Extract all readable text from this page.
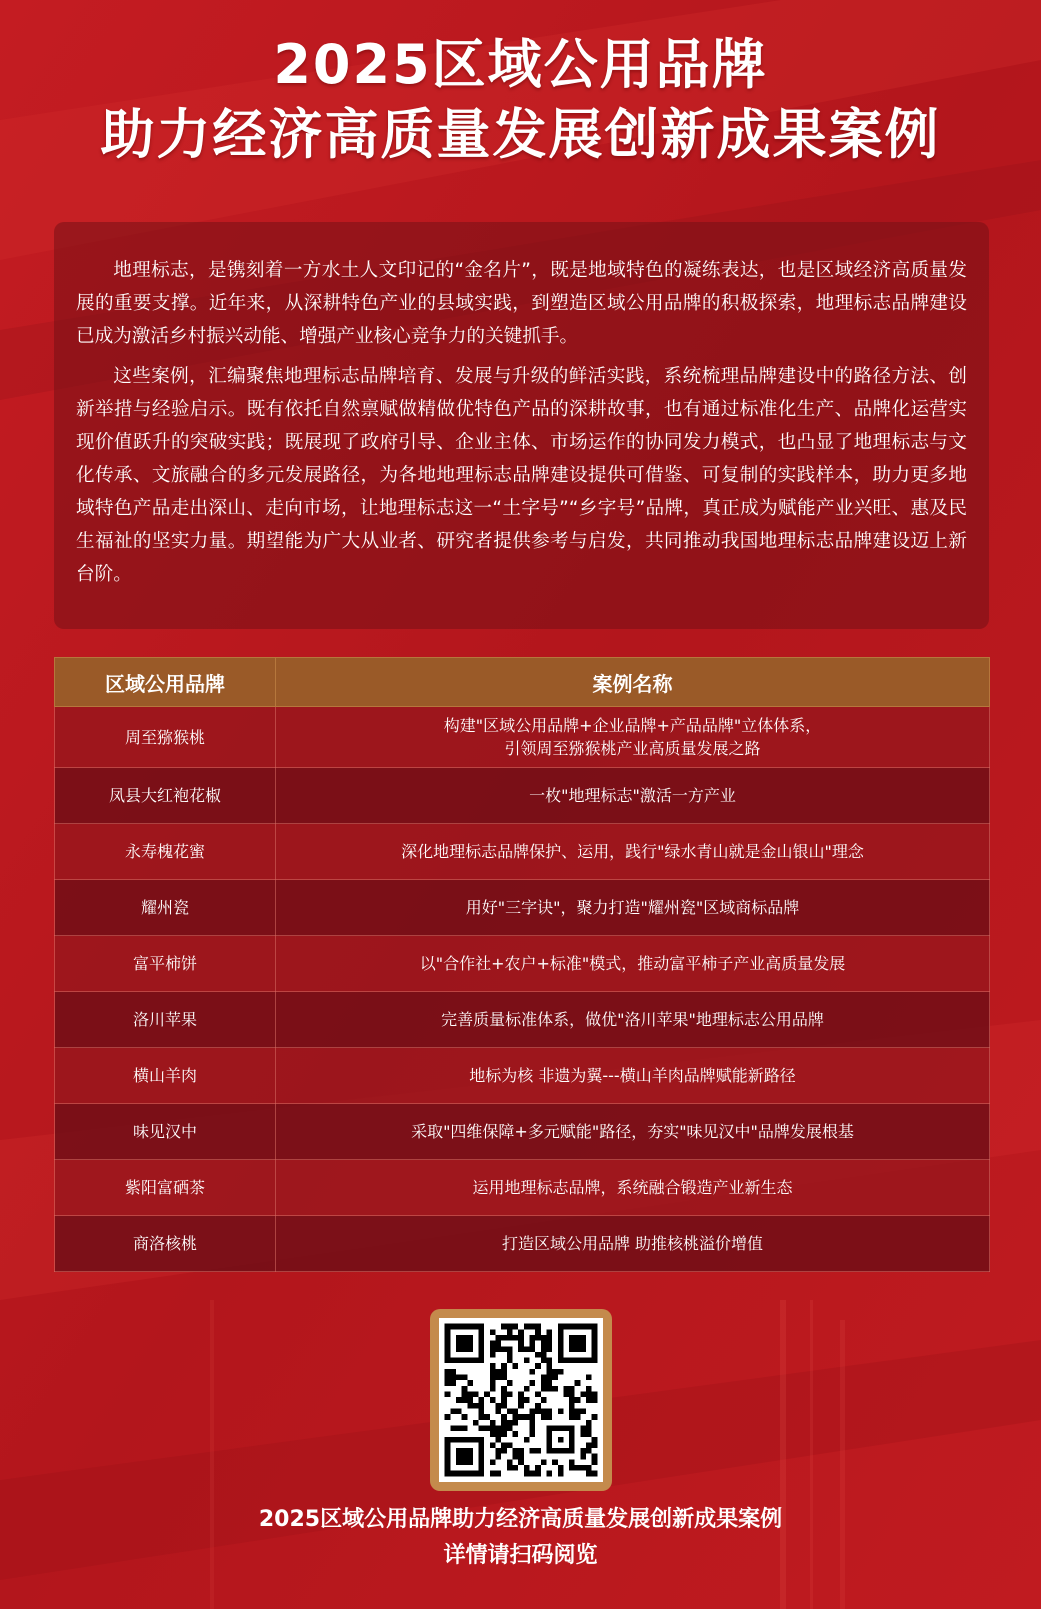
2025区域公用品牌
助力经济高质量发展创新成果案例

地理标志，是镌刻着一方水土人文印记的“金名片”，既是地域特色的凝练表达，也是区域经济高质量发展的重要支撑。近年来，从深耕特色产业的县域实践，到塑造区域公用品牌的积极探索，地理标志品牌建设已成为激活乡村振兴动能、增强产业核心竞争力的关键抓手。

这些案例，汇编聚焦地理标志品牌培育、发展与升级的鲜活实践，系统梳理品牌建设中的路径方法、创新举措与经验启示。既有依托自然禀赋做精做优特色产品的深耕故事，也有通过标准化生产、品牌化运营实现价值跃升的突破实践；既展现了政府引导、企业主体、市场运作的协同发力模式，也凸显了地理标志与文化传承、文旅融合的多元发展路径，为各地地理标志品牌建设提供可借鉴、可复制的实践样本，助力更多地域特色产品走出深山、走向市场，让地理标志这一“土字号”“乡字号”品牌，真正成为赋能产业兴旺、惠及民生福祉的坚实力量。期望能为广大从业者、研究者提供参考与启发，共同推动我国地理标志品牌建设迈上新台阶。

区域公用品牌	案例名称
周至猕猴桃	构建"区域公用品牌+企业品牌+产品品牌"立体体系，
引领周至猕猴桃产业高质量发展之路

凤县大红袍花椒	一枚"地理标志"激活一方产业
永寿槐花蜜	深化地理标志品牌保护、运用，践行"绿水青山就是金山银山"理念
耀州瓷	用好"三字诀"，聚力打造"耀州瓷"区域商标品牌
富平柿饼	以"合作社+农户+标准"模式，推动富平柿子产业高质量发展
洛川苹果	完善质量标准体系，做优"洛川苹果"地理标志公用品牌
横山羊肉	地标为核 非遗为翼---横山羊肉品牌赋能新路径
味见汉中	采取"四维保障+多元赋能"路径，夯实"味见汉中"品牌发展根基
紫阳富硒茶	运用地理标志品牌，系统融合锻造产业新生态
商洛核桃	打造区域公用品牌 助推核桃溢价增值
2025区域公用品牌助力经济高质量发展创新成果案例
详情请扫码阅览
